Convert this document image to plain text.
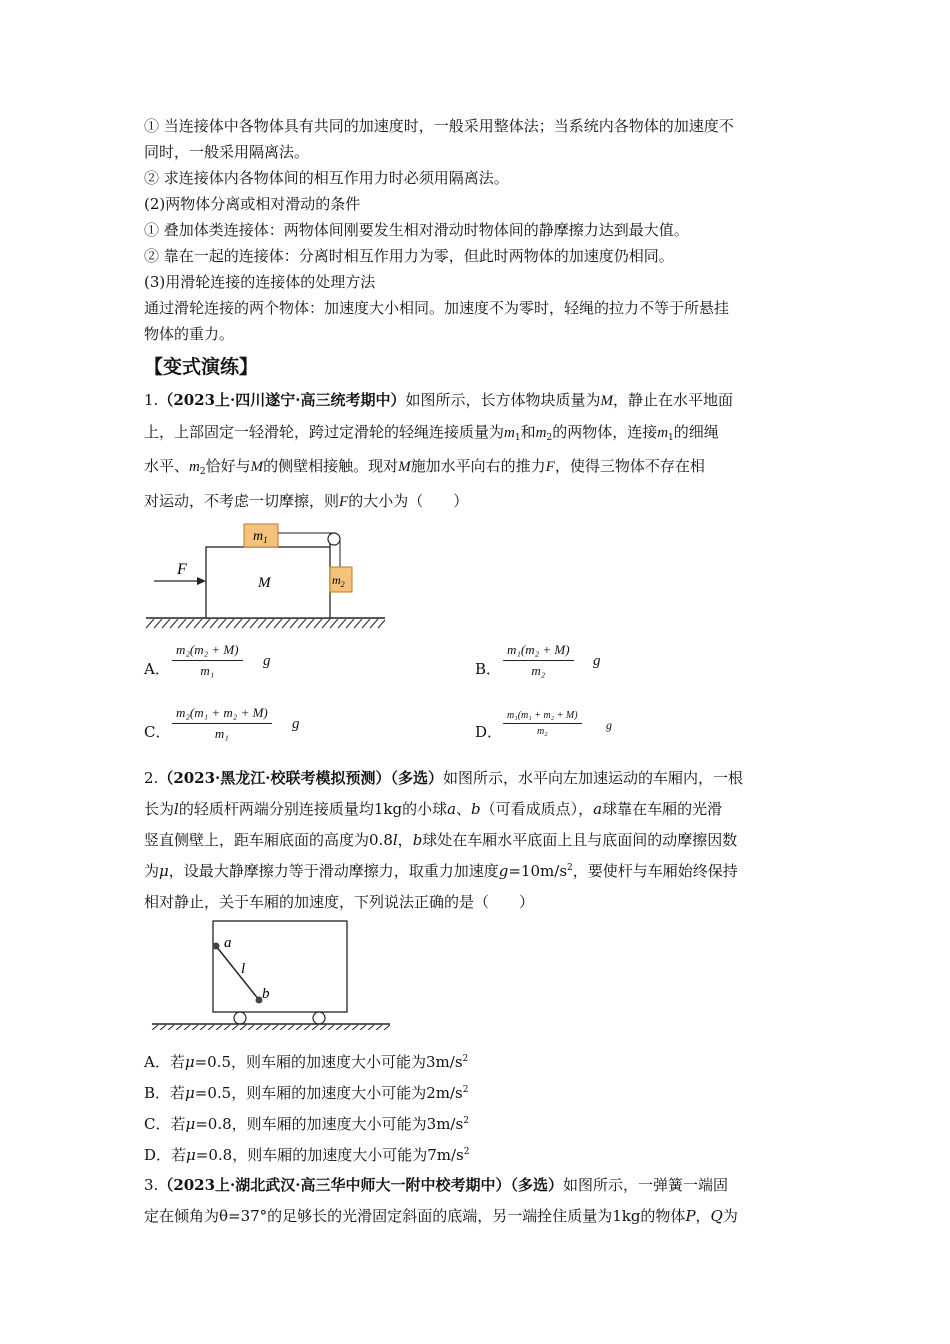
① 当连接体中各物体具有共同的加速度时，一般采用整体法；当系统内各物体的加速度不
同时，一般采用隔离法。
② 求连接体内各物体间的相互作用力时必须用隔离法。
(2)两物体分离或相对滑动的条件
① 叠加体类连接体：两物体间刚要发生相对滑动时物体间的静摩擦力达到最大值。
② 靠在一起的连接体：分离时相互作用力为零，但此时两物体的加速度仍相同。
(3)用滑轮连接的连接体的处理方法
通过滑轮连接的两个物体：加速度大小相同。加速度不为零时，轻绳的拉力不等于所悬挂
物体的重力。
【变式演练】
1.（2023上·四川遂宁·高三统考期中）如图所示，长方体物块质量为M，静止在水平地面
上，上部固定一轻滑轮，跨过定滑轮的轻绳连接质量为$m_1$和$m_2$的两物体，连接$m_1$的细绳
水平、$m_2$恰好与M的侧壁相接触。现对M施加水平向右的推力F，使得三物体不存在相
对运动，不考虑一切摩擦，则F的大小为（　　）
M
$m_1$
$m_2$
F
A．
m₂(m₂ + M)
m₁
g	B．
m₁(m₂ + M)
m₂
g
C．
m₂(m₁ + m₂ + M)
m₁
g	D．
m₁(m₁ + m₂ + M)
m₂	g
2.（2023·黑龙江·校联考模拟预测）（多选）如图所示，水平向左加速运动的车厢内，一根
长为l的轻质杆两端分别连接质量均1kg的小球a、b（可看成质点），a球靠在车厢的光滑
竖直侧壁上，距车厢底面的高度为0.8l，b球处在车厢水平底面上且与底面间的动摩擦因数
为μ，设最大静摩擦力等于滑动摩擦力，取重力加速度$g=10m/s^2$，要使杆与车厢始终保持
相对静止，关于车厢的加速度，下列说法正确的是（　　）
a
l
b
A．若μ=0.5，则车厢的加速度大小可能为$3m/s^2$
B．若μ=0.5，则车厢的加速度大小可能为$2m/s^2$
C．若μ=0.8，则车厢的加速度大小可能为$3m/s^2$
D．若μ=0.8，则车厢的加速度大小可能为$7m/s^2$
3.（2023上·湖北武汉·高三华中师大一附中校考期中）（多选）如图所示，一弹簧一端固
定在倾角为θ=37°的足够长的光滑固定斜面的底端，另一端拴住质量为1kg的物体P，Q为
